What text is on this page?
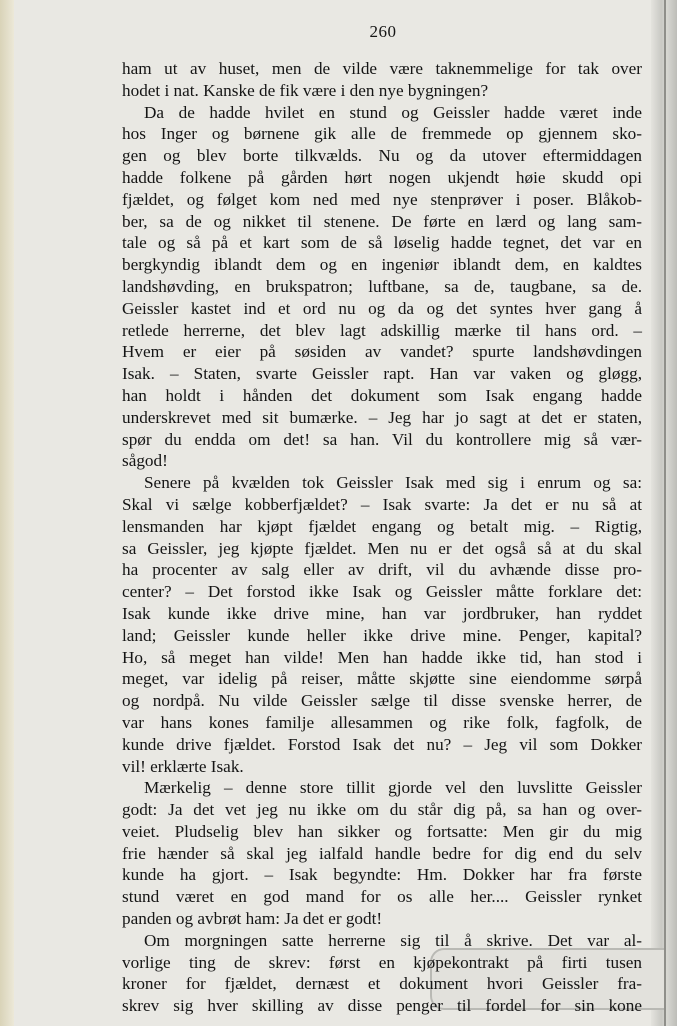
260
ham ut av huset, men de vilde være taknemmelige for tak over
hodet i nat. Kanske de fik være i den nye bygningen?
Da de hadde hvilet en stund og Geissler hadde været inde
hos Inger og børnene gik alle de fremmede op gjennem sko-
gen og blev borte tilkvælds. Nu og da utover eftermiddagen
hadde folkene på gården hørt nogen ukjendt høie skudd opi
fjældet, og følget kom ned med nye stenprøver i poser. Blåkob-
ber, sa de og nikket til stenene. De førte en lærd og lang sam-
tale og så på et kart som de så løselig hadde tegnet, det var en
bergkyndig iblandt dem og en ingeniør iblandt dem, en kaldtes
landshøvding, en brukspatron; luftbane, sa de, taugbane, sa de.
Geissler kastet ind et ord nu og da og det syntes hver gang å
retlede herrerne, det blev lagt adskillig mærke til hans ord. –
Hvem er eier på søsiden av vandet? spurte landshøvdingen
Isak. – Staten, svarte Geissler rapt. Han var vaken og gløgg,
han holdt i hånden det dokument som Isak engang hadde
underskrevet med sit bumærke. – Jeg har jo sagt at det er staten,
spør du endda om det! sa han. Vil du kontrollere mig så vær-
sågod!
Senere på kvælden tok Geissler Isak med sig i enrum og sa:
Skal vi sælge kobberfjældet? – Isak svarte: Ja det er nu så at
lensmanden har kjøpt fjældet engang og betalt mig. – Rigtig,
sa Geissler, jeg kjøpte fjældet. Men nu er det også så at du skal
ha procenter av salg eller av drift, vil du avhænde disse pro-
center? – Det forstod ikke Isak og Geissler måtte forklare det:
Isak kunde ikke drive mine, han var jordbruker, han ryddet
land; Geissler kunde heller ikke drive mine. Penger, kapital?
Ho, så meget han vilde! Men han hadde ikke tid, han stod i
meget, var idelig på reiser, måtte skjøtte sine eiendomme sørpå
og nordpå. Nu vilde Geissler sælge til disse svenske herrer, de
var hans kones familje allesammen og rike folk, fagfolk, de
kunde drive fjældet. Forstod Isak det nu? – Jeg vil som Dokker
vil! erklærte Isak.
Mærkelig – denne store tillit gjorde vel den luvslitte Geissler
godt: Ja det vet jeg nu ikke om du står dig på, sa han og over-
veiet. Pludselig blev han sikker og fortsatte: Men gir du mig
frie hænder så skal jeg ialfald handle bedre for dig end du selv
kunde ha gjort. – Isak begyndte: Hm. Dokker har fra første
stund været en god mand for os alle her.... Geissler rynket
panden og avbrøt ham: Ja det er godt!
Om morgningen satte herrerne sig til å skrive. Det var al-
vorlige ting de skrev: først en kjøpekontrakt på firti tusen
kroner for fjældet, dernæst et dokument hvori Geissler fra-
skrev sig hver skilling av disse penger til fordel for sin kone
